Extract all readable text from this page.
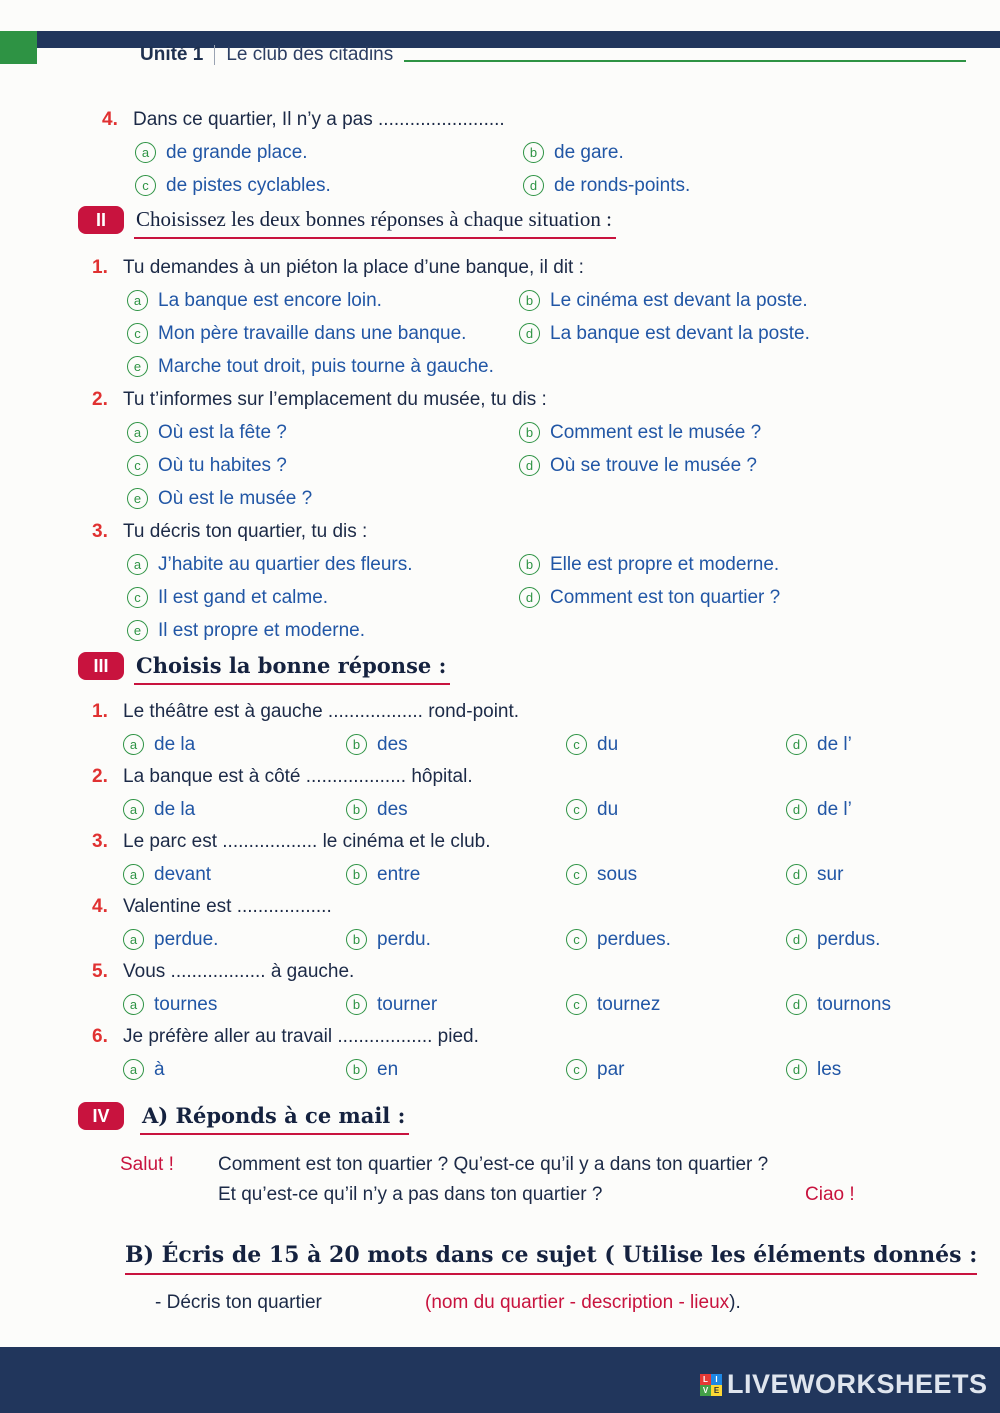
Unité 1 Le club des citadins
4. Dans ce quartier, Il n’y a pas ........................
a de grande place.	b de gare.
c de pistes cyclables.	d de ronds-points.
II	Choisissez les deux bonnes réponses à chaque situation :
1. Tu demandes à un piéton la place d’une banque, il dit :
a La banque est encore loin.	b Le cinéma est devant la poste.
c Mon père travaille dans une banque.	d La banque est devant la poste.
e Marche tout droit, puis tourne à gauche.
2. Tu t’informes sur l’emplacement du musée, tu dis :
a Où est la fête ?	b Comment est le musée ?
c Où tu habites ?	d Où se trouve le musée ?
e Où est le musée ?
3. Tu décris ton quartier, tu dis :
a J’habite au quartier des fleurs.	b Elle est propre et moderne.
c Il est gand et calme.	d Comment est ton quartier ?
e Il est propre et moderne.
III	Choisis la bonne réponse :
1. Le théâtre est à gauche .................. rond-point.
a de la	b des	c du	d de l’
2. La banque est à côté ................... hôpital.
a de la	b des	c du	d de l’
3. Le parc est .................. le cinéma et le club.
a devant	b entre	c sous	d sur
4. Valentine est ..................
a perdue.	b perdu.	c perdues.	d perdus.
5. Vous .................. à gauche.
a tournes	b tourner	c tournez	d tournons
6. Je préfère aller au travail .................. pied.
a à	b en	c par	d les
IV	A) Réponds à ce mail :
Salut !	Comment est ton quartier ? Qu’est-ce qu’il y a dans ton quartier ?
Et qu’est-ce qu’il n’y a pas dans ton quartier ?	Ciao !
B) Écris de 15 à 20 mots dans ce sujet ( Utilise les éléments donnés :
- Décris ton quartier	(nom du quartier - description - lieux ).
L I
V E LIVEWORKSHEETS
